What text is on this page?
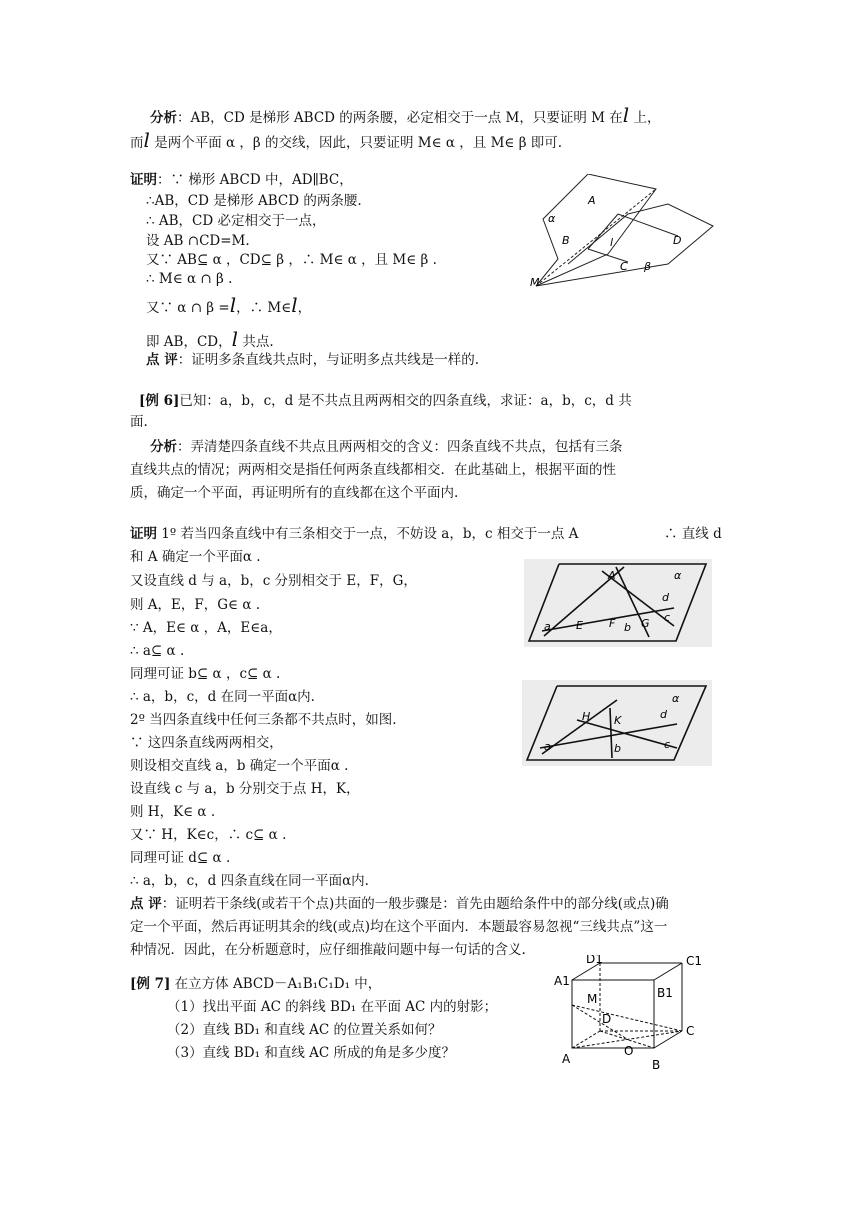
分析：AB，CD 是梯形 ABCD 的两条腰，必定相交于一点 M，只要证明 M 在l 上，
而l 是两个平面 α ，β 的交线，因此，只要证明 M∈ α ，且 M∈ β 即可.
证明：∵ 梯形 ABCD 中，AD∥BC，
∴AB，CD 是梯形 ABCD 的两条腰.
∴ AB，CD 必定相交于一点，
设 AB ∩CD=M.
又∵ AB⊆ α ，CD⊆ β ，∴ M∈ α ，且 M∈ β .
∴ M∈ α ∩ β .
又∵ α ∩ β =l，∴ M∈l，
即 AB，CD，l 共点.
点 评：证明多条直线共点时，与证明多点共线是一样的.
A
α
B	l	D
C β
M
[例 6]已知：a，b，c，d 是不共点且两两相交的四条直线，求证：a，b，c，d 共
面.
分析：弄清楚四条直线不共点且两两相交的含义：四条直线不共点，包括有三条
直线共点的情况；两两相交是指任何两条直线都相交．在此基础上，根据平面的性
质，确定一个平面，再证明所有的直线都在这个平面内.
证明 1º 若当四条直线中有三条相交于一点，不妨设 a，b，c 相交于一点 A	∴ 直线 d
和 A 确定一个平面α .
又设直线 d 与 a，b，c 分别相交于 E，F，G，
则 A，E，F，G∈ α .
∵ A，E∈ α ，A，E∈a，
∴ a⊆ α .
同理可证 b⊆ α ，c⊆ α .
∴ a，b，c，d 在同一平面α内.
2º 当四条直线中任何三条都不共点时，如图.
∵ 这四条直线两两相交，
则设相交直线 a，b 确定一个平面α .
设直线 c 与 a，b 分别交于点 H，K，
则 H，K∈ α .
又∵ H，K∈c，∴ c⊆ α .
同理可证 d⊆ α .
∴ a，b，c，d 四条直线在同一平面α内.
点 评：证明若干条线(或若干个点)共面的一般步骤是：首先由题给条件中的部分线(或点)确
定一个平面，然后再证明其余的线(或点)均在这个平面内．本题最容易忽视“三线共点”这一
种情况．因此，在分析题意时，应仔细推敲问题中每一句话的含义.
A	α
d
a E F b G c
H K
α
d
a	b	c
[例 7] 在立方体 ABCD－A₁B₁C₁D₁ 中，
（1）找出平面 AC 的斜线 BD₁ 在平面 AC 内的射影；
（2）直线 BD₁ 和直线 AC 的位置关系如何？
（3）直线 BD₁ 和直线 AC 所成的角是多少度？
D1	C1
A1
B1
M
D
C
A
O
B
